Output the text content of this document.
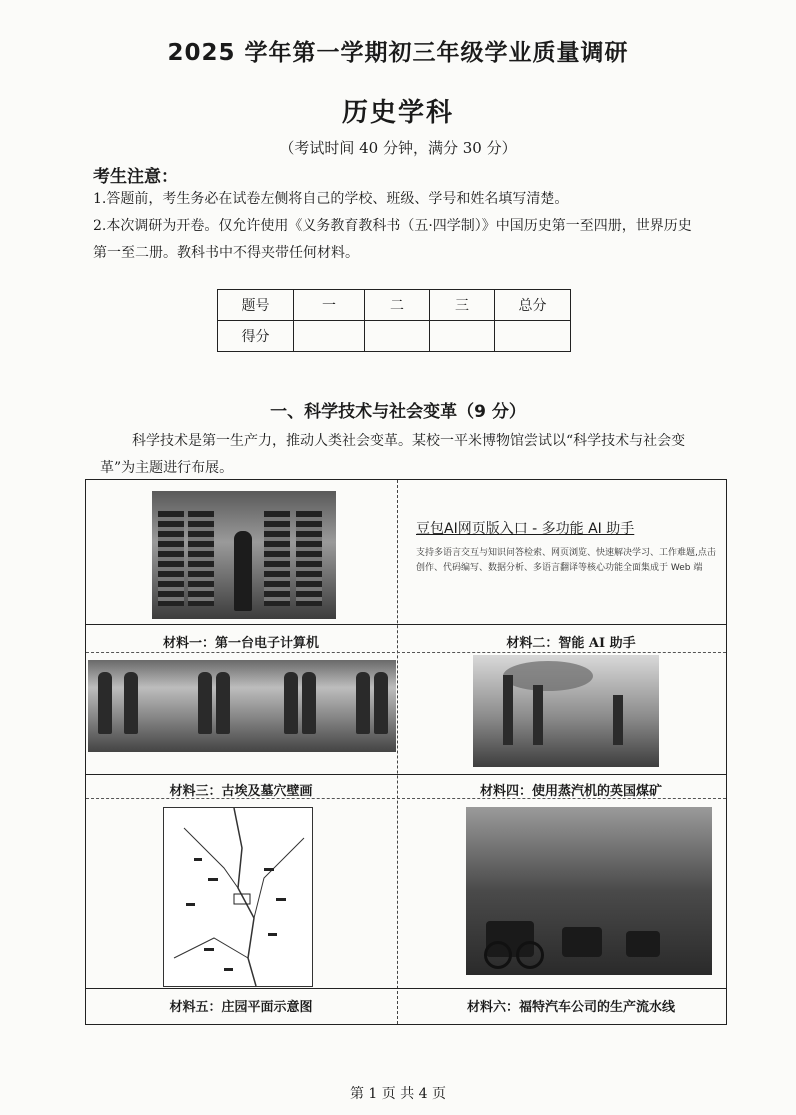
2025 学年第一学期初三年级学业质量调研
历史学科
（考试时间 40 分钟，满分 30 分）
考生注意：
1.答题前，考生务必在试卷左侧将自己的学校、班级、学号和姓名填写清楚。
2.本次调研为开卷。仅允许使用《义务教育教科书（五·四学制）》中国历史第一至四册，世界历史第一至二册。教科书中不得夹带任何材料。
题号	一	二	三	总分
得分				
一、科学技术与社会变革（9 分）
科学技术是第一生产力，推动人类社会变革。某校一平米博物馆尝试以“科学技术与社会变革”为主题进行布展。
豆包AI网页版入口 - 多功能 AI 助手
支持多语言交互与知识问答检索、网页浏览、快速解决学习、工作难题,点击创作、代码编写、数据分析、多语言翻译等核心功能全面集成于 Web 端
材料一：第一台电子计算机	材料二：智能 AI 助手
材料三：古埃及墓穴壁画	材料四：使用蒸汽机的英国煤矿
材料五：庄园平面示意图	材料六：福特汽车公司的生产流水线
第 1 页 共 4 页
